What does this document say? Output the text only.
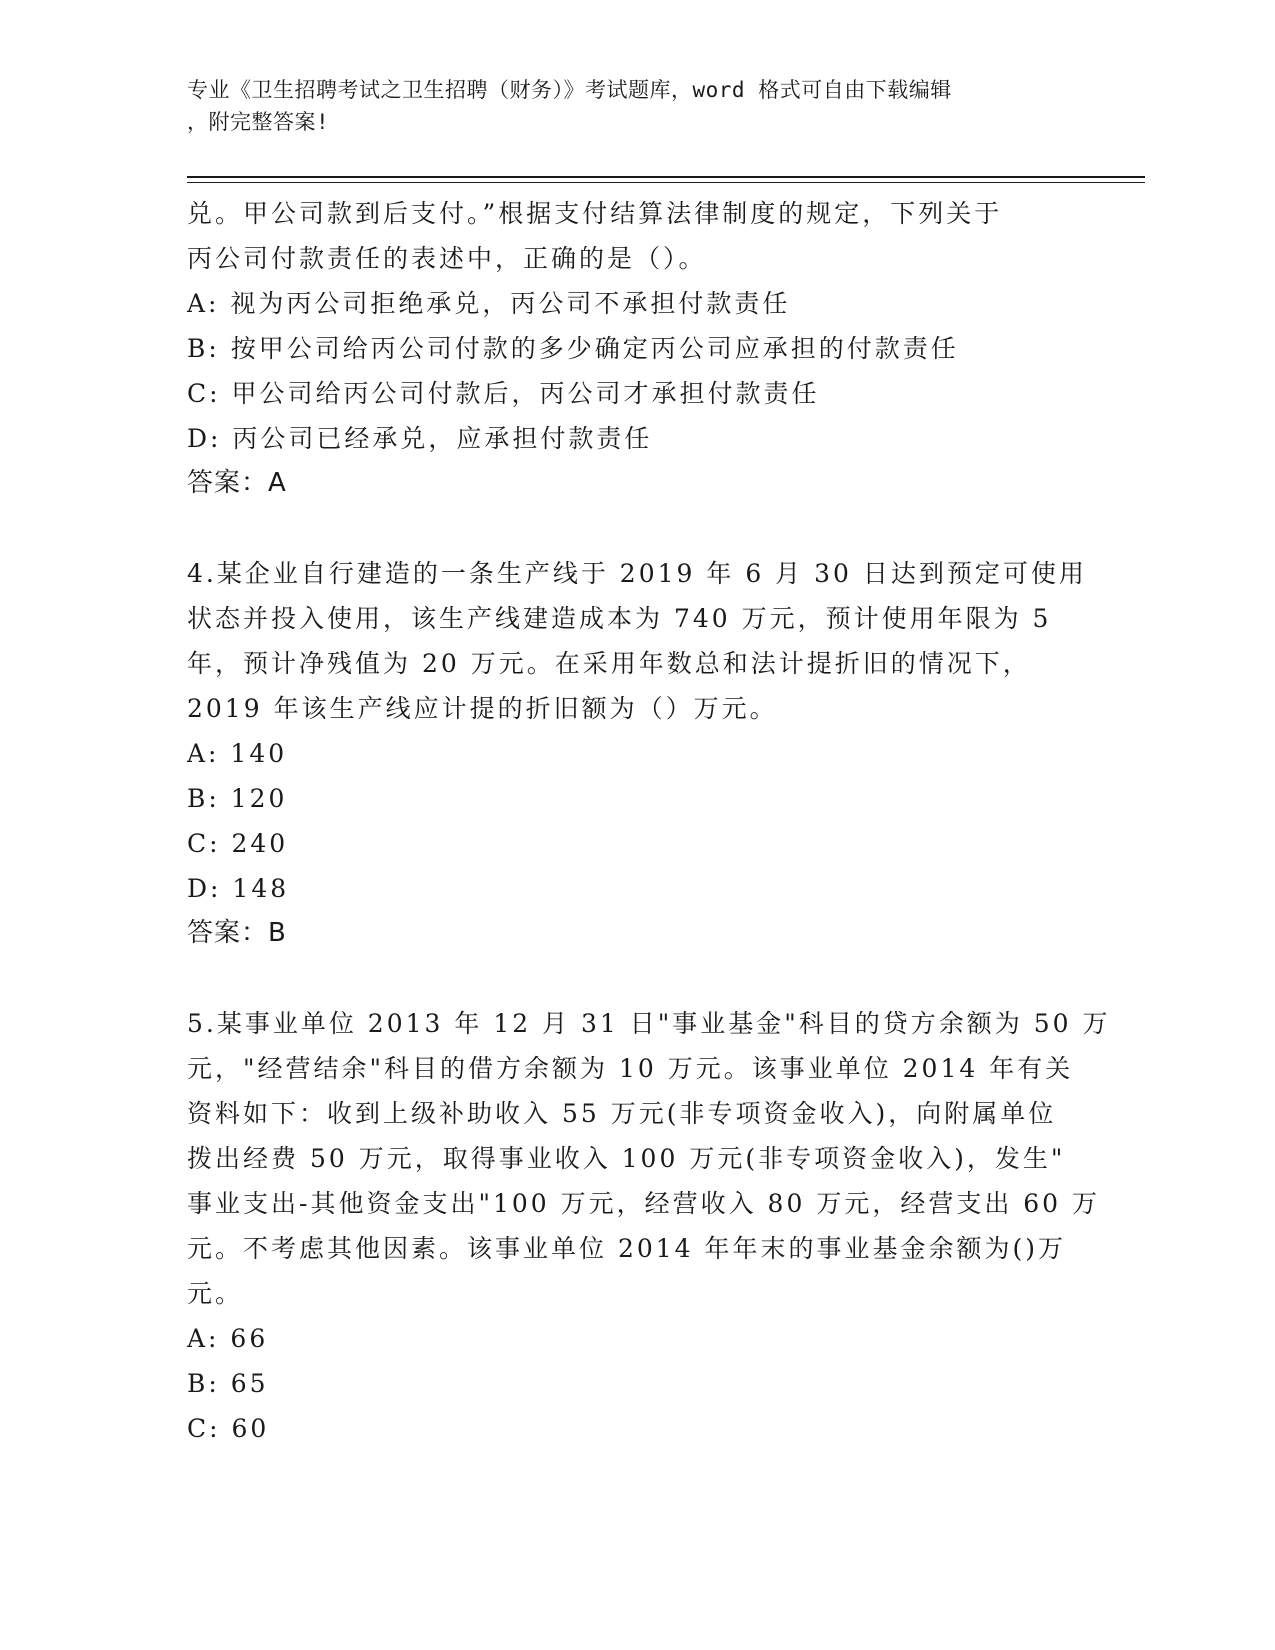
专业《卫生招聘考试之卫生招聘（财务）》考试题库，word 格式可自由下载编辑
，附完整答案!
兑。甲公司款到后支付。”根据支付结算法律制度的规定，下列关于
丙公司付款责任的表述中，正确的是（）。
A: 视为丙公司拒绝承兑，丙公司不承担付款责任
B: 按甲公司给丙公司付款的多少确定丙公司应承担的付款责任
C: 甲公司给丙公司付款后，丙公司才承担付款责任
D: 丙公司已经承兑，应承担付款责任
答案：A
4.某企业自行建造的一条生产线于 2019 年 6 月 30 日达到预定可使用
状态并投入使用，该生产线建造成本为 740 万元，预计使用年限为 5
年，预计净残值为 20 万元。在采用年数总和法计提折旧的情况下，
2019 年该生产线应计提的折旧额为（）万元。
A: 140
B: 120
C: 240
D: 148
答案：B
5.某事业单位 2013 年 12 月 31 日"事业基金"科目的贷方余额为 50 万
元，"经营结余"科目的借方余额为 10 万元。该事业单位 2014 年有关
资料如下：收到上级补助收入 55 万元(非专项资金收入)，向附属单位
拨出经费 50 万元，取得事业收入 100 万元(非专项资金收入)，发生"
事业支出-其他资金支出"100 万元，经营收入 80 万元，经营支出 60 万
元。不考虑其他因素。该事业单位 2014 年年末的事业基金余额为()万
元。
A: 66
B: 65
C: 60
